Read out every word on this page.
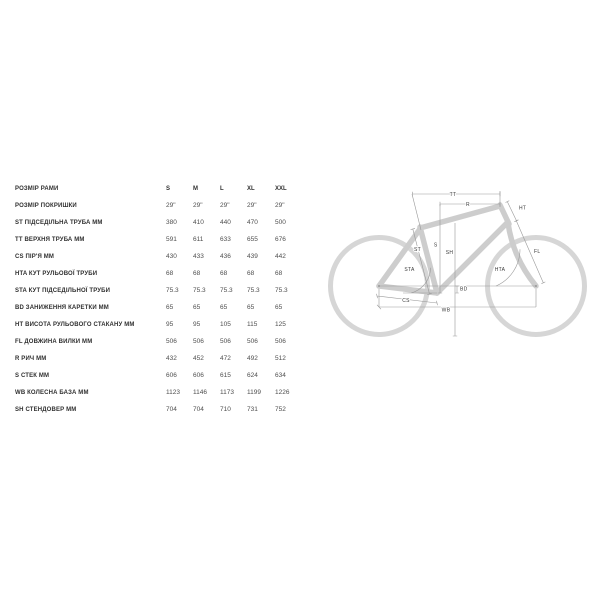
РОЗМІР РАМИ	S	M	L	XL	XXL
РОЗМІР ПОКРИШКИ	29"	29"	29"	29"	29"
ST ПІДСЕДІЛЬНА ТРУБА ММ	380	410	440	470	500
TT ВЕРХНЯ ТРУБА ММ	591	611	633	655	676
CS ПІР'Я ММ	430	433	436	439	442
HTA КУТ РУЛЬОВОЇ ТРУБИ	68	68	68	68	68
STA КУТ ПІДСЕДІЛЬНОЇ ТРУБИ	75.3	75.3	75.3	75.3	75.3
BD ЗАНИЖЕННЯ КАРЕТКИ ММ	65	65	65	65	65
HT ВИСОТА РУЛЬОВОГО СТАКАНУ ММ	95	95	105	115	125
FL ДОВЖИНА ВИЛКИ ММ	506	506	506	506	506
R РИЧ ММ	432	452	472	492	512
S СТЕК ММ	606	606	615	624	634
WB КОЛЕСНА БАЗА ММ	1123	1146	1173	1199	1226
SH СТЕНДОВЕР ММ	704	704	710	731	752
TT
R
HT
S
SH
ST
STA	HTA
FL
BD
CS
WB
